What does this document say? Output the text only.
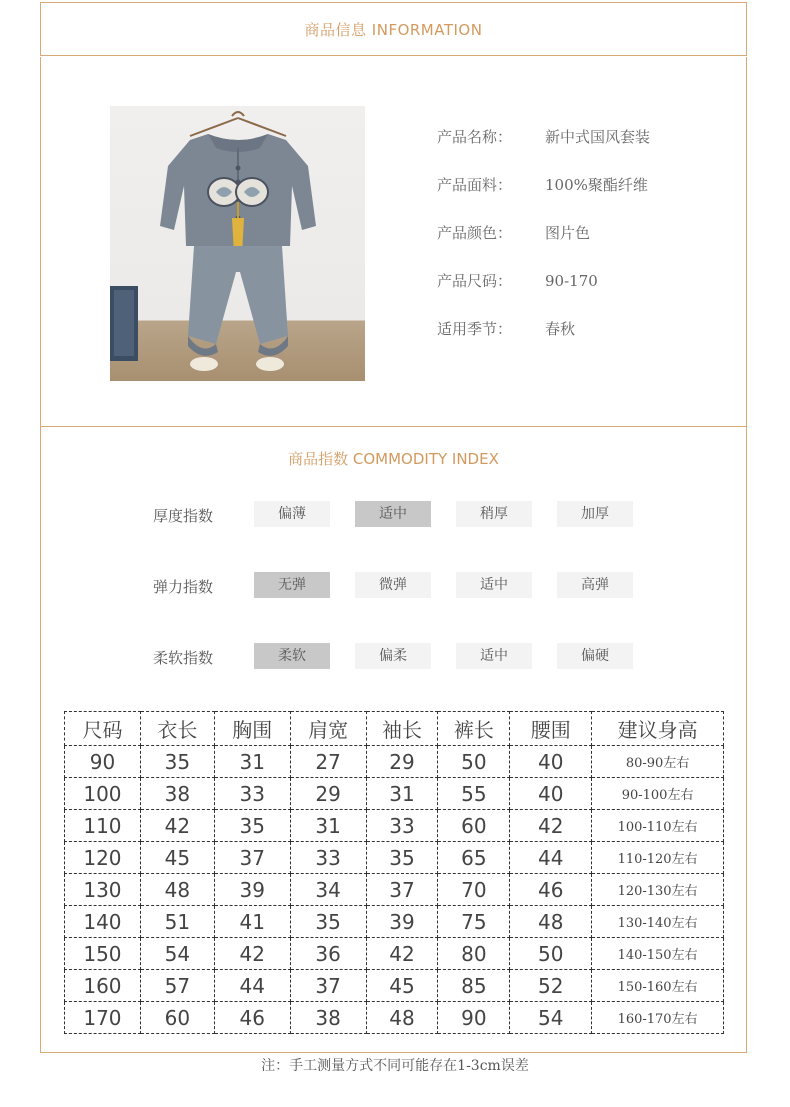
商品信息 INFORMATION
产品名称： 新中式国风套装
产品面料： 100%聚酯纤维
产品颜色： 图片色
产品尺码： 90-170
适用季节： 春秋
商品指数 COMMODITY INDEX
厚度指数	偏薄	适中	稍厚	加厚
弹力指数	无弹	微弹	适中	高弹
柔软指数	柔软	偏柔	适中	偏硬
尺码	衣长	胸围	肩宽	袖长	裤长	腰围	建议身高
90	35	31	27	29	50	40	80-90左右
100	38	33	29	31	55	40	90-100左右
110	42	35	31	33	60	42	100-110左右
120	45	37	33	35	65	44	110-120左右
130	48	39	34	37	70	46	120-130左右
140	51	41	35	39	75	48	130-140左右
150	54	42	36	42	80	50	140-150左右
160	57	44	37	45	85	52	150-160左右
170	60	46	38	48	90	54	160-170左右
注：手工测量方式不同可能存在1-3cm误差
